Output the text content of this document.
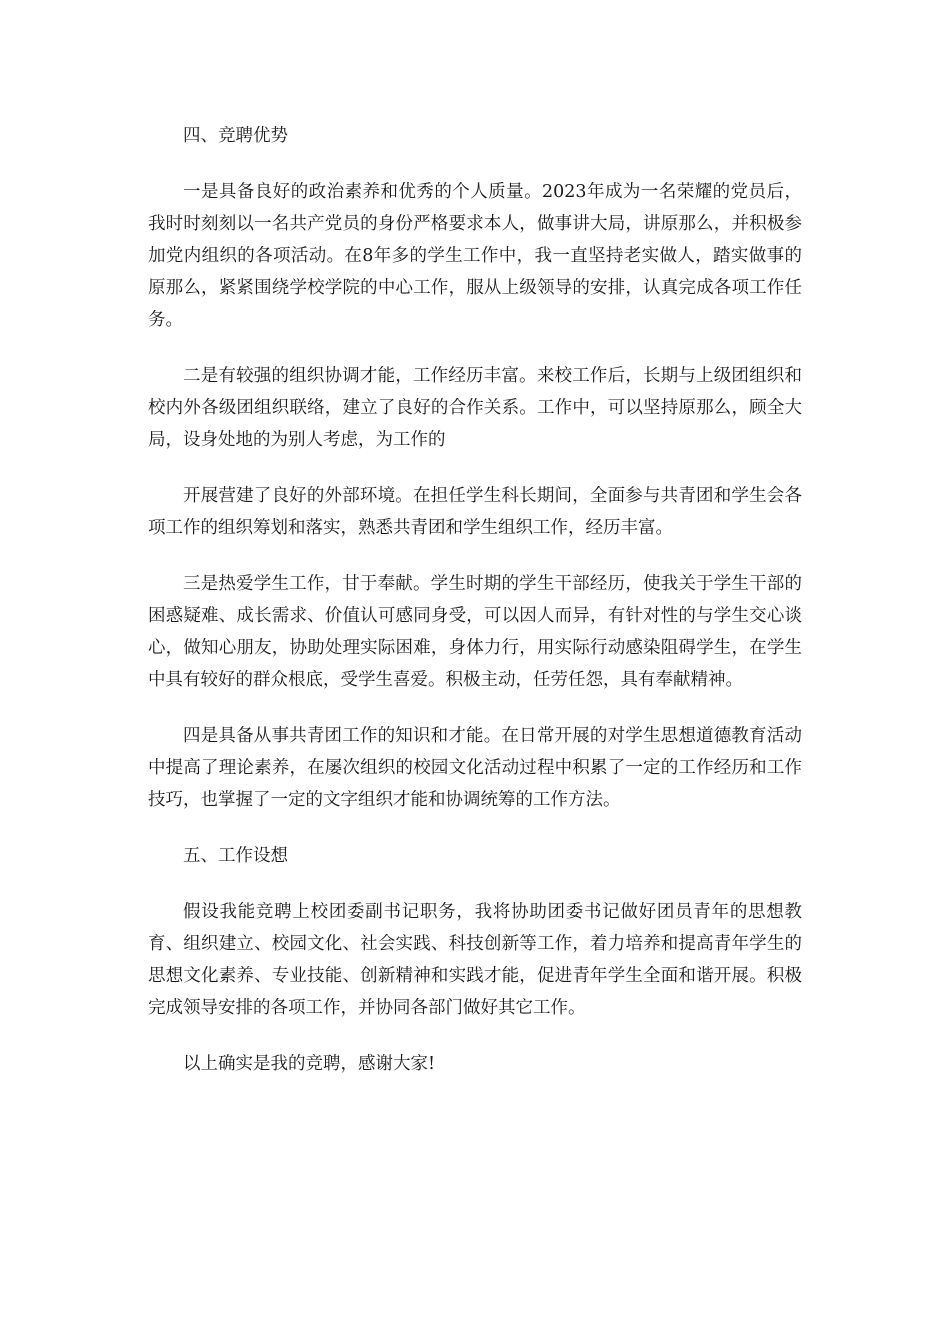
四、竞聘优势

一是具备良好的政治素养和优秀的个人质量。2023年成为一名荣耀的党员后，我时时刻刻以一名共产党员的身份严格要求本人，做事讲大局，讲原那么，并积极参加党内组织的各项活动。在8年多的学生工作中，我一直坚持老实做人，踏实做事的原那么，紧紧围绕学校学院的中心工作，服从上级领导的安排，认真完成各项工作任务。

二是有较强的组织协调才能，工作经历丰富。来校工作后，长期与上级团组织和校内外各级团组织联络，建立了良好的合作关系。工作中，可以坚持原那么，顾全大局，设身处地的为别人考虑，为工作的

开展营建了良好的外部环境。在担任学生科长期间，全面参与共青团和学生会各项工作的组织筹划和落实，熟悉共青团和学生组织工作，经历丰富。

三是热爱学生工作，甘于奉献。学生时期的学生干部经历，使我关于学生干部的困惑疑难、成长需求、价值认可感同身受，可以因人而异，有针对性的与学生交心谈心，做知心朋友，协助处理实际困难，身体力行，用实际行动感染阻碍学生，在学生中具有较好的群众根底，受学生喜爱。积极主动，任劳任怨，具有奉献精神。

四是具备从事共青团工作的知识和才能。在日常开展的对学生思想道德教育活动中提高了理论素养，在屡次组织的校园文化活动过程中积累了一定的工作经历和工作技巧，也掌握了一定的文字组织才能和协调统筹的工作方法。

五、工作设想

假设我能竞聘上校团委副书记职务，我将协助团委书记做好团员青年的思想教育、组织建立、校园文化、社会实践、科技创新等工作，着力培养和提高青年学生的思想文化素养、专业技能、创新精神和实践才能，促进青年学生全面和谐开展。积极完成领导安排的各项工作，并协同各部门做好其它工作。

以上确实是我的竞聘，感谢大家!
